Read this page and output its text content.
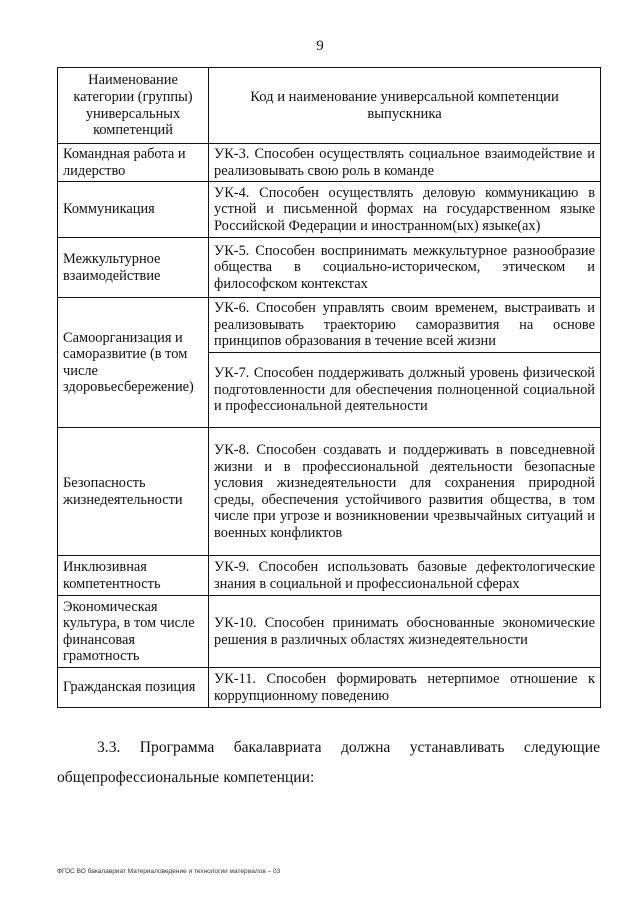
9
Наименование категории (группы) универсальных компетенций	Код и наименование универсальной компетенции выпускника
Командная работа и лидерство	УК-3. Способен осуществлять социальное взаимодействие и реализовывать свою роль в команде
Коммуникация	УК-4. Способен осуществлять деловую коммуникацию в устной и письменной формах на государственном языке Российской Федерации и иностранном(ых) языке(ах)
Межкультурное взаимодействие	УК-5. Способен воспринимать межкультурное разнообразие общества в социально-историческом, этическом и философском контекстах
Самоорганизация и саморазвитие (в том числе здоровьесбережение)	УК-6. Способен управлять своим временем, выстраивать и реализовывать траекторию саморазвития на основе принципов образования в течение всей жизни
	УК-7. Способен поддерживать должный уровень физической подготовленности для обеспечения полноценной социальной и профессиональной деятельности
Безопасность жизнедеятельности	УК-8. Способен создавать и поддерживать в повседневной жизни и в профессиональной деятельности безопасные условия жизнедеятельности для сохранения природной среды, обеспечения устойчивого развития общества, в том числе при угрозе и возникновении чрезвычайных ситуаций и военных конфликтов
Инклюзивная компетентность	УК-9. Способен использовать базовые дефектологические знания в социальной и профессиональной сферах
Экономическая культура, в том числе финансовая грамотность	УК-10. Способен принимать обоснованные экономические решения в различных областях жизнедеятельности
Гражданская позиция	УК-11. Способен формировать нетерпимое отношение к коррупционному поведению
3.3. Программа бакалавриата должна устанавливать следующие общепрофессиональные компетенции:
ФГОС ВО бакалавриат Материаловедение и технологии материалов – 03
